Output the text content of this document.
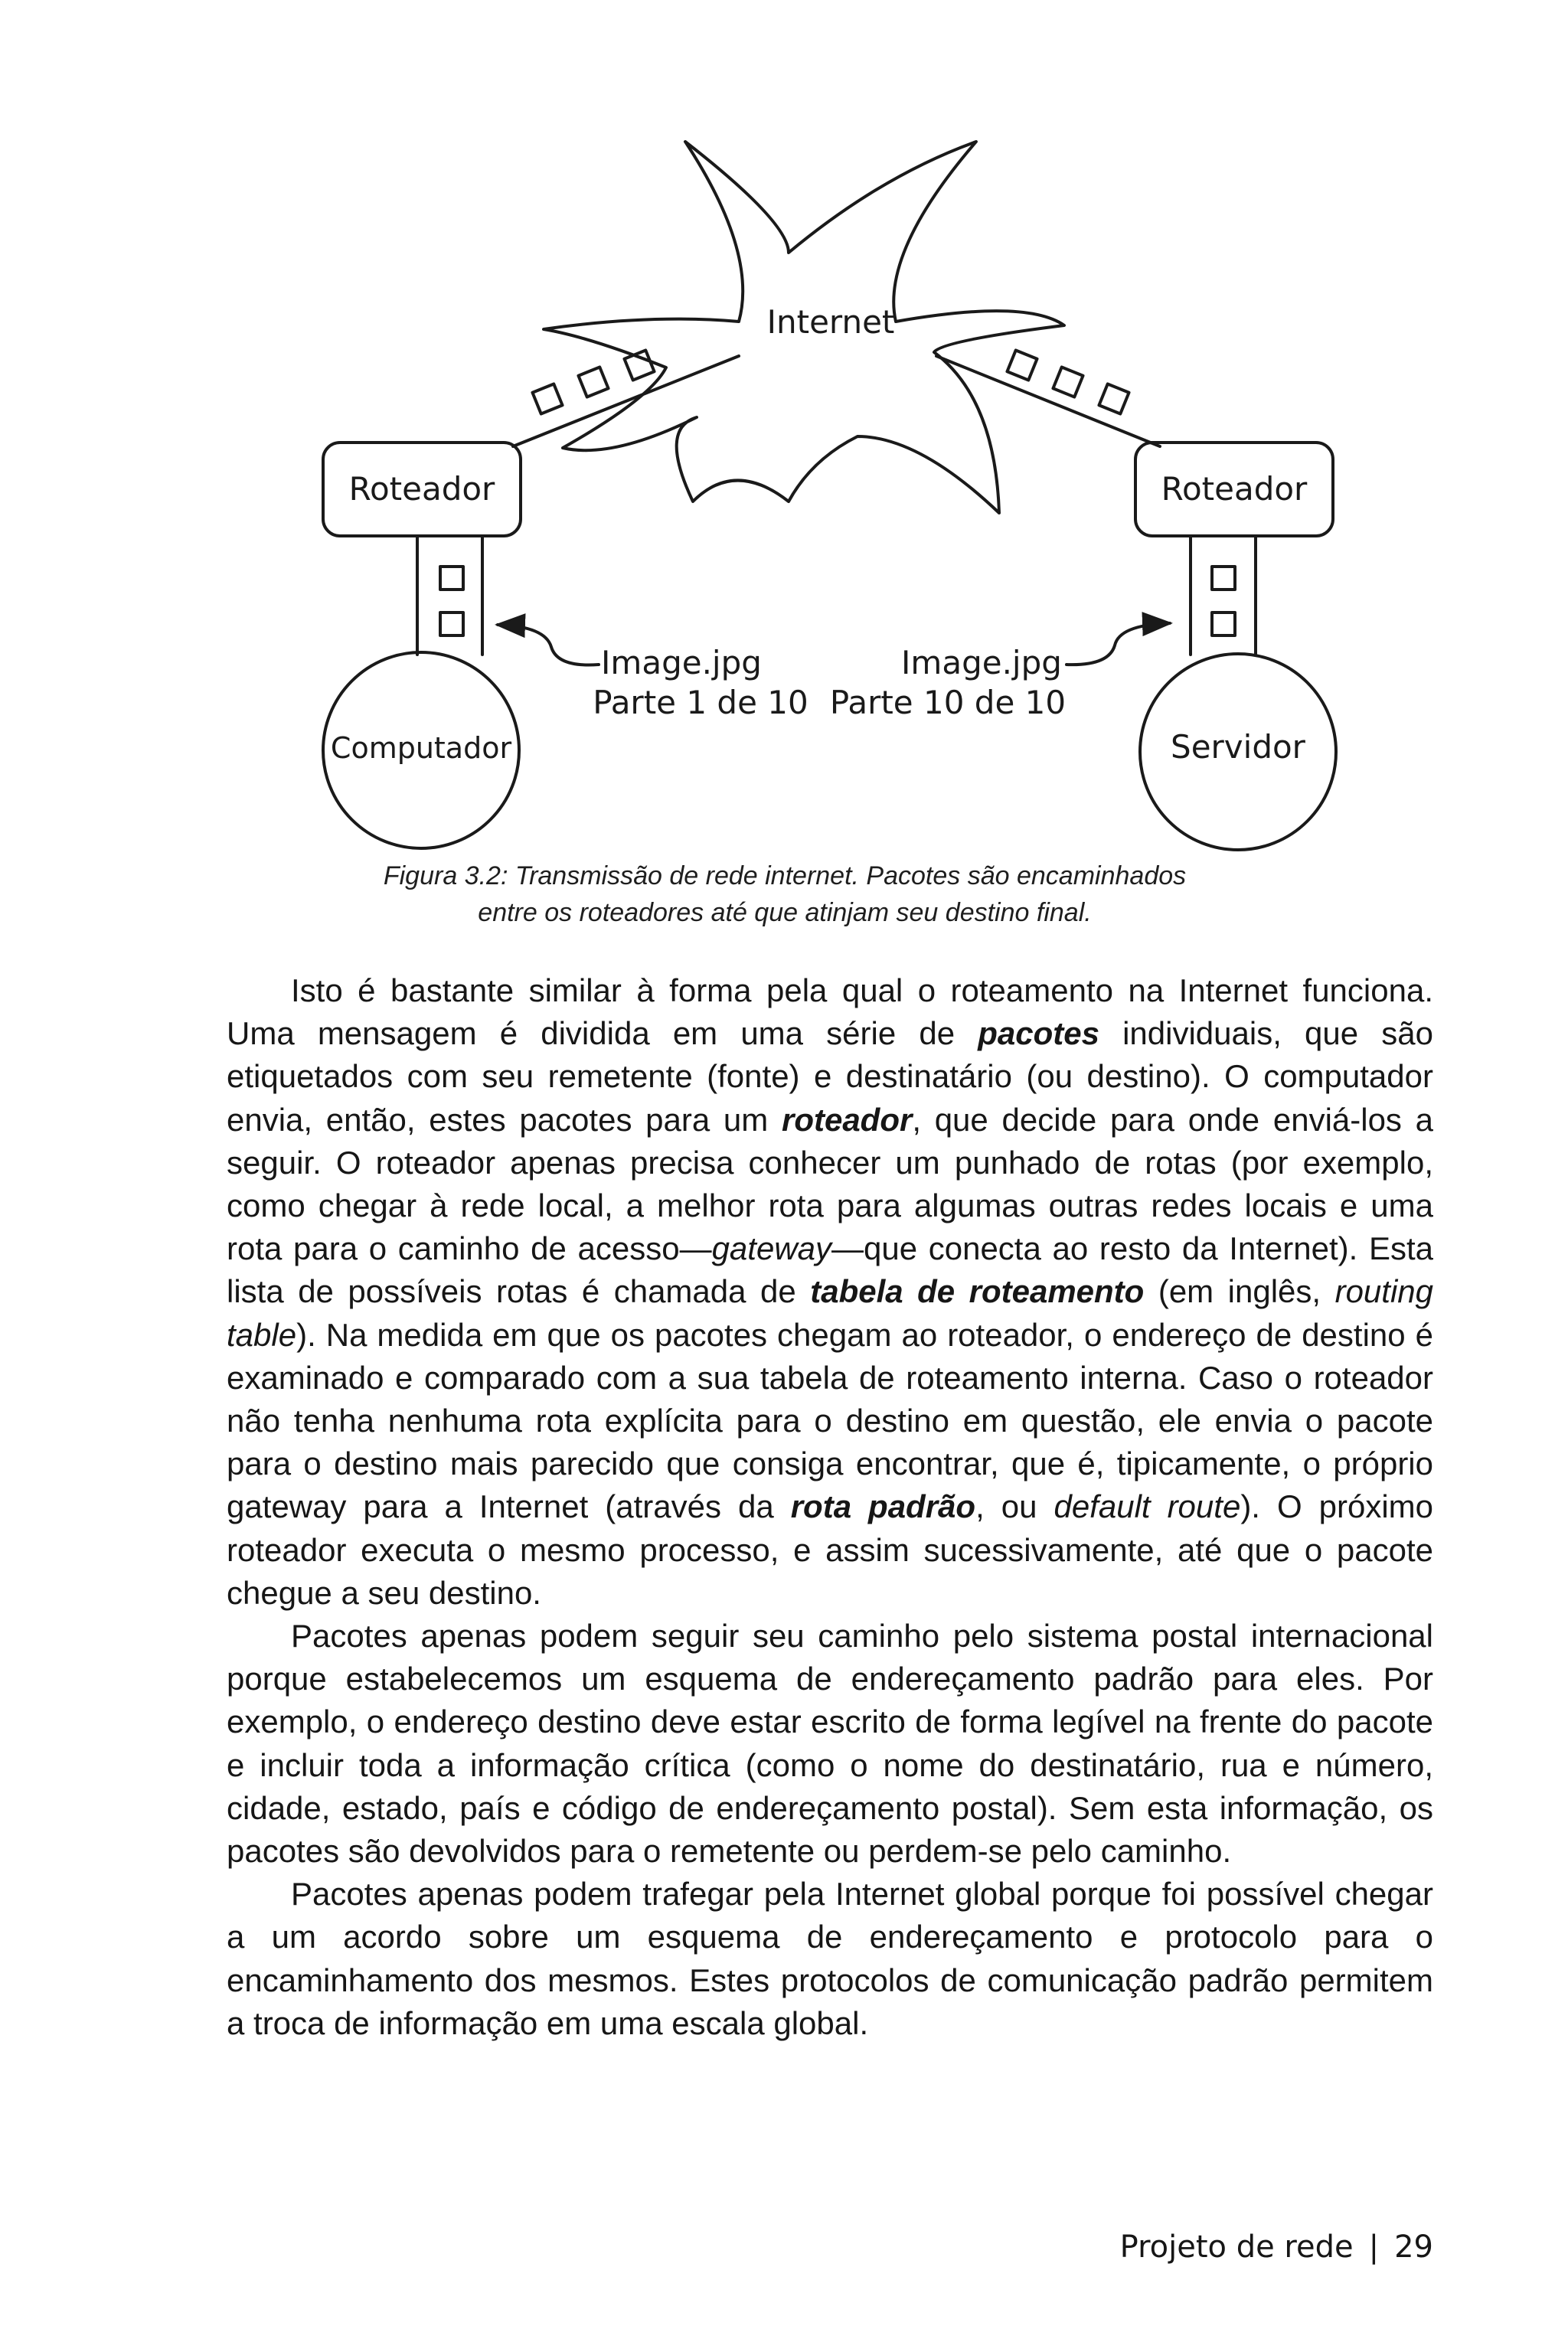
Internet
Roteador	Roteador
Computador	Servidor
Image.jpg
Parte 1 de 10
Image.jpg
Parte 10 de 10
Figura 3.2: Transmissão de rede internet. Pacotes são encaminhados
entre os roteadores até que atinjam seu destino final.

Isto é bastante similar à forma pela qual o roteamento na Internet funciona. Uma mensagem é dividida em uma série de pacotes individuais, que são etiquetados com seu remetente (fonte) e destinatário (ou destino). O computador envia, então, estes pacotes para um roteador, que decide para onde enviá-los a seguir. O roteador apenas precisa conhecer um punhado de rotas (por exemplo, como chegar à rede local, a melhor rota para algumas outras redes locais e uma rota para o caminho de acesso—gateway—que conecta ao resto da Internet). Esta lista de possíveis rotas é chamada de tabela de roteamento (em inglês, routing table). Na medida em que os pacotes chegam ao roteador, o endereço de destino é examinado e comparado com a sua tabela de roteamento interna. Caso o roteador não tenha nenhuma rota explícita para o destino em questão, ele envia o pacote para o destino mais parecido que consiga encontrar, que é, tipicamente, o próprio gateway para a Internet (através da rota padrão, ou default route). O próximo roteador executa o mesmo processo, e assim sucessivamente, até que o pacote chegue a seu destino.

Pacotes apenas podem seguir seu caminho pelo sistema postal internacional porque estabelecemos um esquema de endereçamento padrão para eles. Por exemplo, o endereço destino deve estar escrito de forma legível na frente do pacote e incluir toda a informação crítica (como o nome do destinatário, rua e número, cidade, estado, país e código de endereçamento postal). Sem esta informação, os pacotes são devolvidos para o remetente ou perdem-se pelo caminho.

Pacotes apenas podem trafegar pela Internet global porque foi possível chegar a um acordo sobre um esquema de endereçamento e protocolo para o encaminhamento dos mesmos. Estes protocolos de comunicação padrão permitem a troca de informação em uma escala global.

Projeto de rede | 29
